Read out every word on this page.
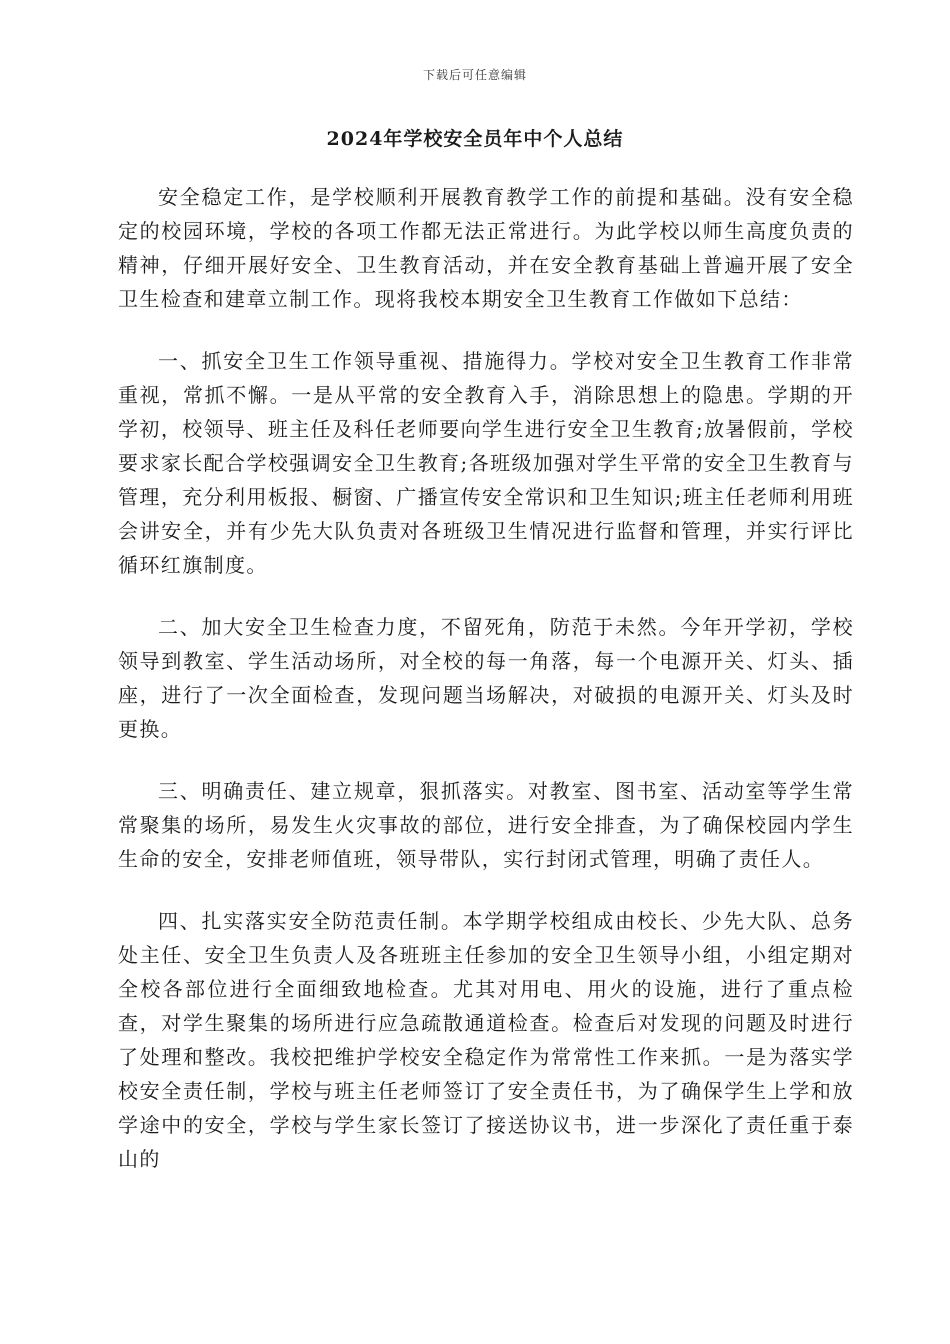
下载后可任意编辑
2024年学校安全员年中个人总结

安全稳定工作，是学校顺利开展教育教学工作的前提和基础。没有安全稳定的校园环境，学校的各项工作都无法正常进行。为此学校以师生高度负责的精神，仔细开展好安全、卫生教育活动，并在安全教育基础上普遍开展了安全卫生检查和建章立制工作。现将我校本期安全卫生教育工作做如下总结：

一、抓安全卫生工作领导重视、措施得力。学校对安全卫生教育工作非常重视，常抓不懈。一是从平常的安全教育入手，消除思想上的隐患。学期的开学初，校领导、班主任及科任老师要向学生进行安全卫生教育;放暑假前，学校要求家长配合学校强调安全卫生教育;各班级加强对学生平常的安全卫生教育与管理，充分利用板报、橱窗、广播宣传安全常识和卫生知识;班主任老师利用班会讲安全，并有少先大队负责对各班级卫生情况进行监督和管理，并实行评比循环红旗制度。

二、加大安全卫生检查力度，不留死角，防范于未然。今年开学初，学校领导到教室、学生活动场所，对全校的每一角落，每一个电源开关、灯头、插座，进行了一次全面检查，发现问题当场解决，对破损的电源开关、灯头及时更换。

三、明确责任、建立规章，狠抓落实。对教室、图书室、活动室等学生常常聚集的场所，易发生火灾事故的部位，进行安全排查，为了确保校园内学生生命的安全，安排老师值班，领导带队，实行封闭式管理，明确了责任人。

四、扎实落实安全防范责任制。本学期学校组成由校长、少先大队、总务处主任、安全卫生负责人及各班班主任参加的安全卫生领导小组，小组定期对全校各部位进行全面细致地检查。尤其对用电、用火的设施，进行了重点检查，对学生聚集的场所进行应急疏散通道检查。检查后对发现的问题及时进行了处理和整改。我校把维护学校安全稳定作为常常性工作来抓。一是为落实学校安全责任制，学校与班主任老师签订了安全责任书，为了确保学生上学和放学途中的安全，学校与学生家长签订了接送协议书，进一步深化了责任重于泰山的
